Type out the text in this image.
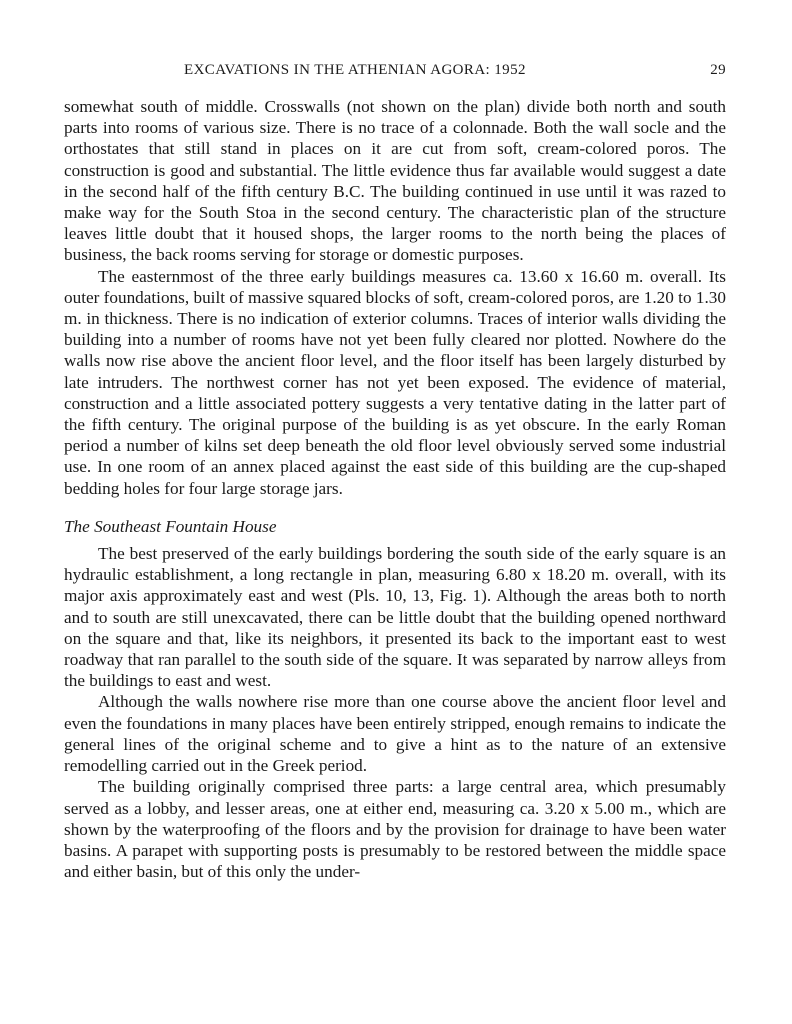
EXCAVATIONS IN THE ATHENIAN AGORA: 1952	29

somewhat south of middle. Crosswalls (not shown on the plan) divide both north and south parts into rooms of various size. There is no trace of a colonnade. Both the wall socle and the orthostates that still stand in places on it are cut from soft, cream-colored poros. The construction is good and substantial. The little evidence thus far available would suggest a date in the second half of the fifth century B.C. The building continued in use until it was razed to make way for the South Stoa in the second century. The characteristic plan of the structure leaves little doubt that it housed shops, the larger rooms to the north being the places of business, the back rooms serving for storage or domestic purposes.

The easternmost of the three early buildings measures ca. 13.60 x 16.60 m. overall. Its outer foundations, built of massive squared blocks of soft, cream-colored poros, are 1.20 to 1.30 m. in thickness. There is no indication of exterior columns. Traces of interior walls dividing the building into a number of rooms have not yet been fully cleared nor plotted. Nowhere do the walls now rise above the ancient floor level, and the floor itself has been largely disturbed by late intruders. The northwest corner has not yet been exposed. The evidence of material, construction and a little associated pottery suggests a very tentative dating in the latter part of the fifth century. The original purpose of the building is as yet obscure. In the early Roman period a number of kilns set deep beneath the old floor level obviously served some industrial use. In one room of an annex placed against the east side of this building are the cup-shaped bedding holes for four large storage jars.

The Southeast Fountain House

The best preserved of the early buildings bordering the south side of the early square is an hydraulic establishment, a long rectangle in plan, measuring 6.80 x 18.20 m. overall, with its major axis approximately east and west (Pls. 10, 13, Fig. 1). Although the areas both to north and to south are still unexcavated, there can be little doubt that the building opened northward on the square and that, like its neighbors, it presented its back to the important east to west roadway that ran parallel to the south side of the square. It was separated by narrow alleys from the buildings to east and west.

Although the walls nowhere rise more than one course above the ancient floor level and even the foundations in many places have been entirely stripped, enough remains to indicate the general lines of the original scheme and to give a hint as to the nature of an extensive remodelling carried out in the Greek period.

The building originally comprised three parts: a large central area, which presumably served as a lobby, and lesser areas, one at either end, measuring ca. 3.20 x 5.00 m., which are shown by the waterproofing of the floors and by the provision for drainage to have been water basins. A parapet with supporting posts is presumably to be restored between the middle space and either basin, but of this only the under-
